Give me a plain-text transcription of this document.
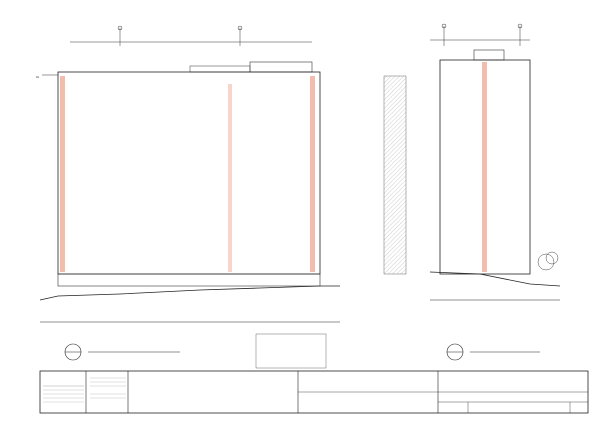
RL
